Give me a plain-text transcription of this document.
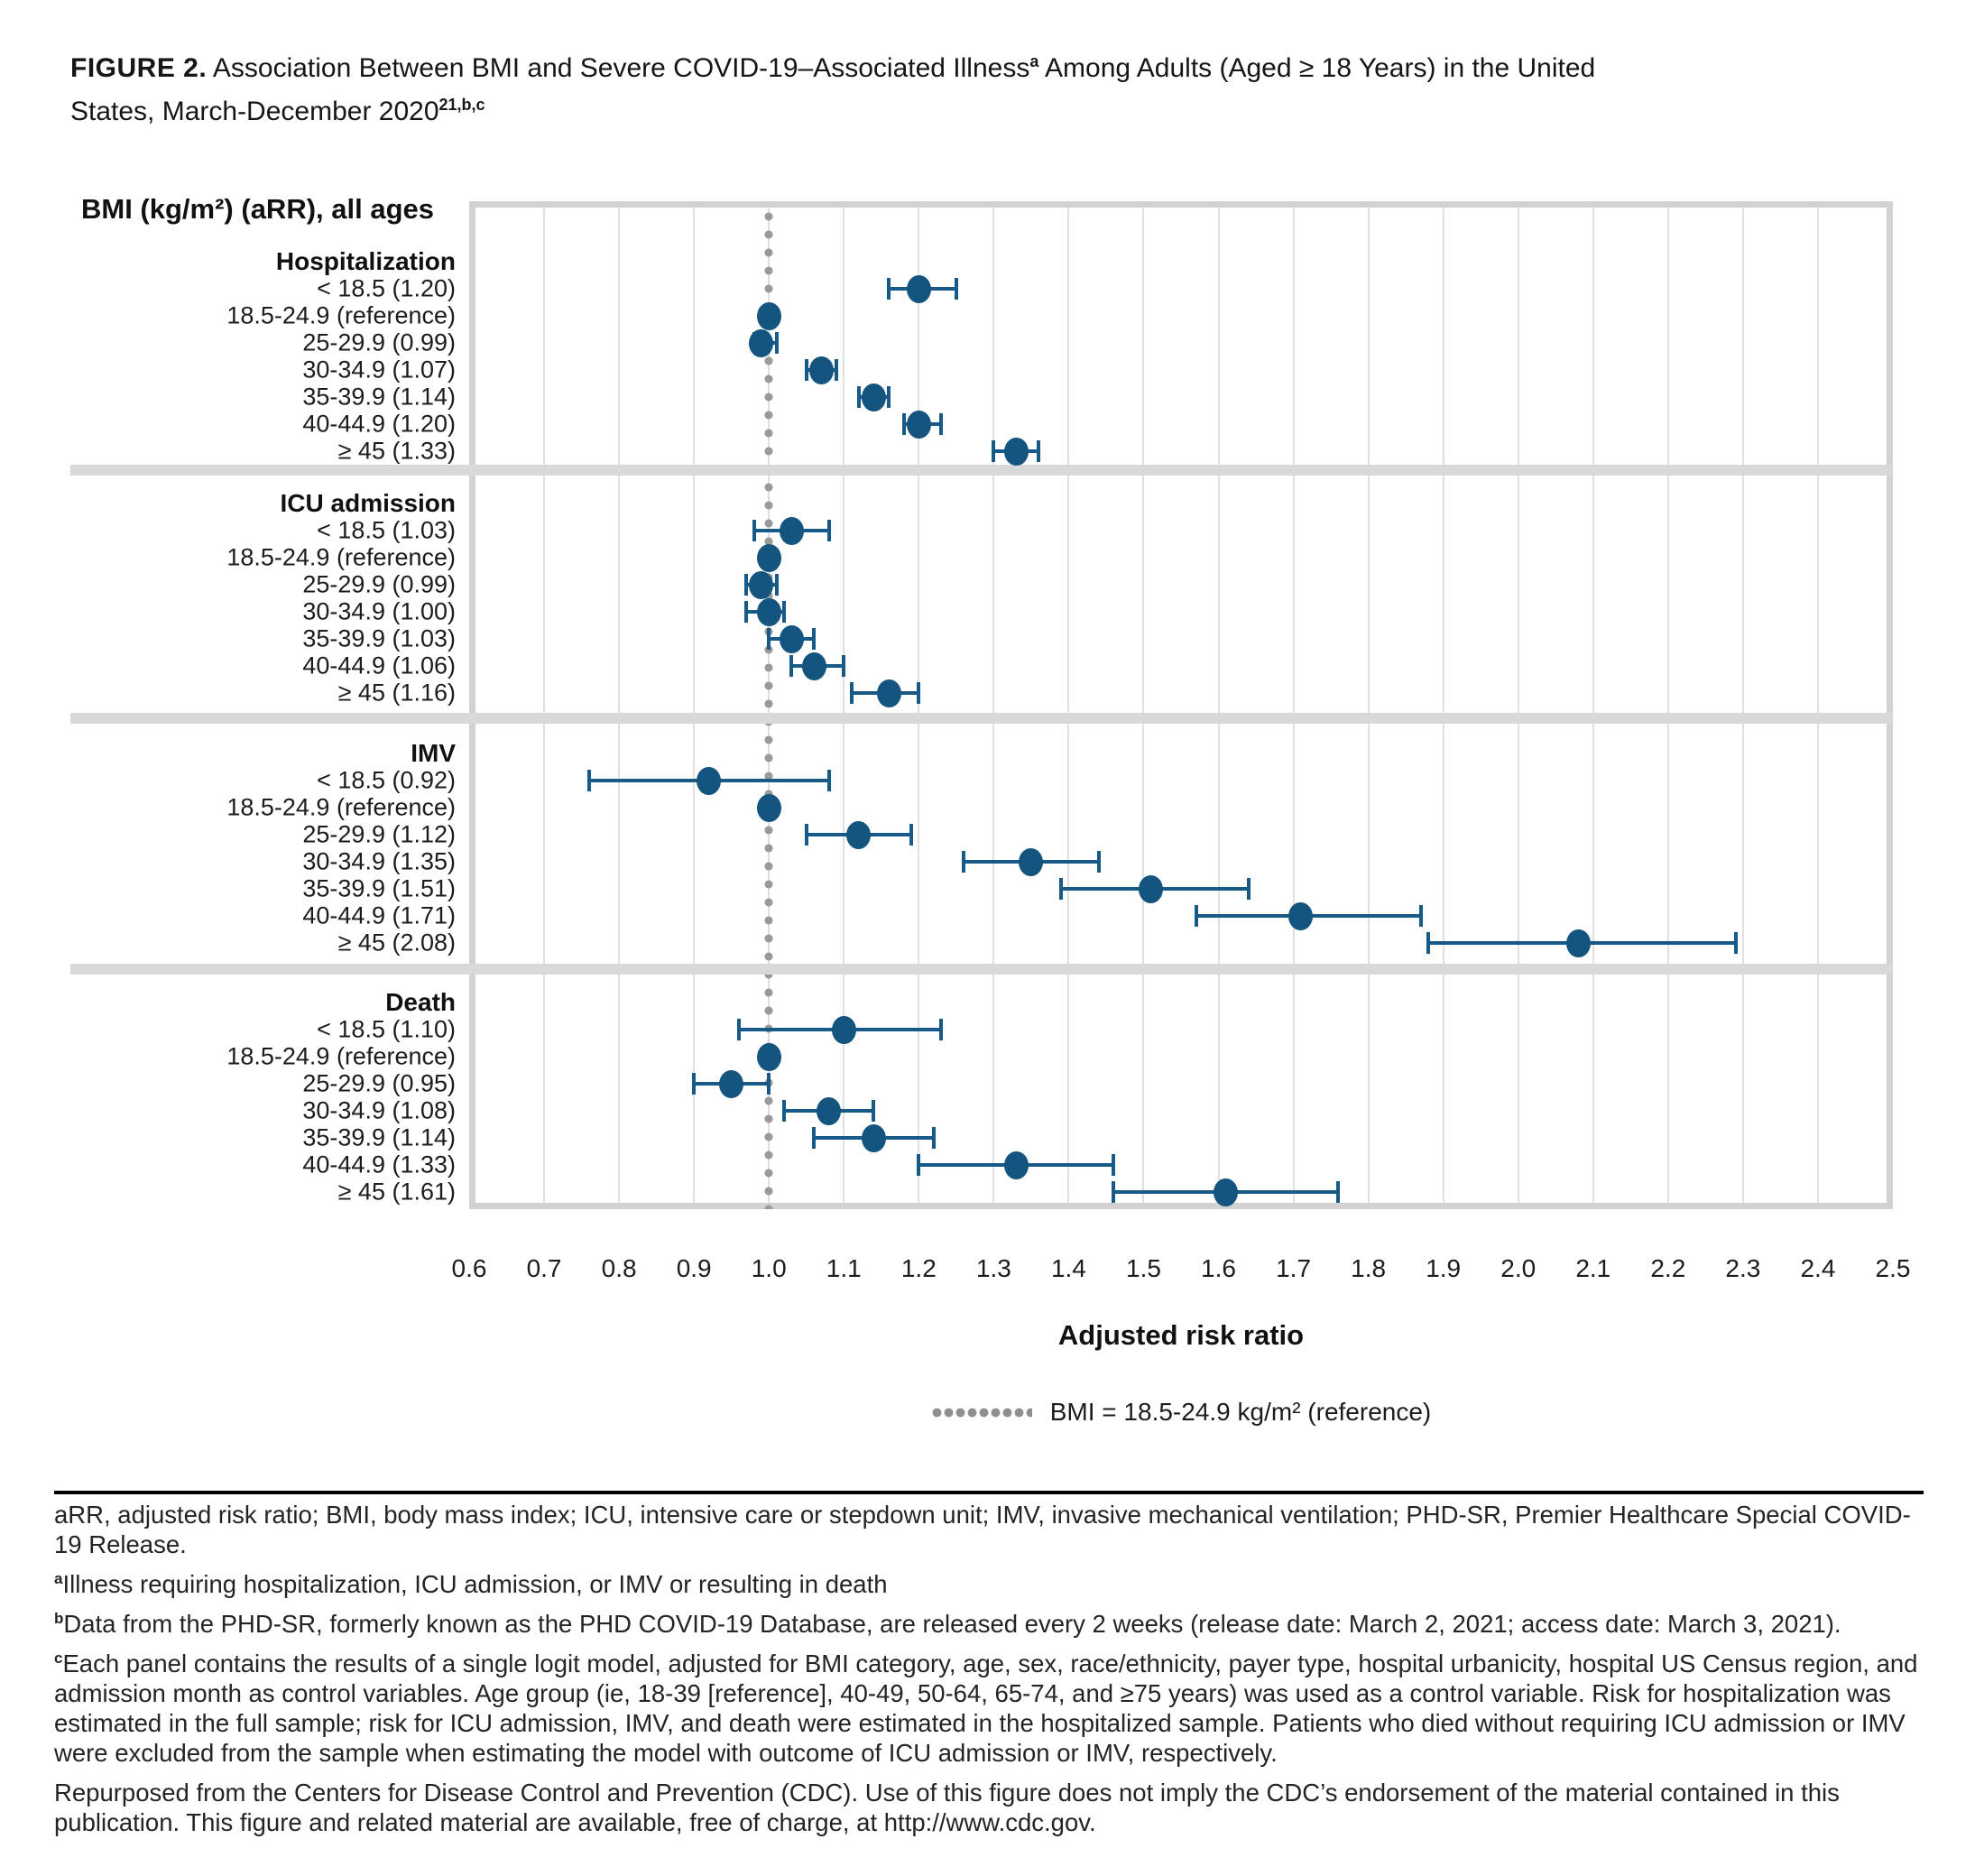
FIGURE 2. Association Between BMI and Severe COVID-19–Associated Illness$^a$ Among Adults (Aged ≥ 18 Years) in the United States, March-December 2020$^{21,b,c}$
BMI (kg/m²) (aRR), all ages
Hospitalization
< 18.5 (1.20)
18.5-24.9 (reference)
25-29.9 (0.99)
30-34.9 (1.07)
35-39.9 (1.14)
40-44.9 (1.20)
≥ 45 (1.33)
ICU admission
< 18.5 (1.03)
18.5-24.9 (reference)
25-29.9 (0.99)
30-34.9 (1.00)
35-39.9 (1.03)
40-44.9 (1.06)
≥ 45 (1.16)
IMV
< 18.5 (0.92)
18.5-24.9 (reference)
25-29.9 (1.12)
30-34.9 (1.35)
35-39.9 (1.51)
40-44.9 (1.71)
≥ 45 (2.08)
Death
< 18.5 (1.10)
18.5-24.9 (reference)
25-29.9 (0.95)
30-34.9 (1.08)
35-39.9 (1.14)
40-44.9 (1.33)
≥ 45 (1.61)
0.6	0.7	0.8	0.9	1.0	1.1	1.2	1.3	1.4	1.5	1.6	1.7	1.8	1.9	2.0	2.1	2.2	2.3	2.4	2.5
Adjusted risk ratio
BMI = 18.5-24.9 kg/m² (reference)

aRR, adjusted risk ratio; BMI, body mass index; ICU, intensive care or stepdown unit; IMV, invasive mechanical ventilation; PHD-SR, Premier Healthcare Special COVID-19 Release.

$^a$Illness requiring hospitalization, ICU admission, or IMV or resulting in death

$^b$Data from the PHD-SR, formerly known as the PHD COVID-19 Database, are released every 2 weeks (release date: March 2, 2021; access date: March 3, 2021).

$^c$Each panel contains the results of a single logit model, adjusted for BMI category, age, sex, race/ethnicity, payer type, hospital urbanicity, hospital US Census region, and admission month as control variables. Age group (ie, 18-39 [reference], 40-49, 50-64, 65-74, and ≥75 years) was used as a control variable. Risk for hospitalization was estimated in the full sample; risk for ICU admission, IMV, and death were estimated in the hospitalized sample. Patients who died without requiring ICU admission or IMV were excluded from the sample when estimating the model with outcome of ICU admission or IMV, respectively.

Repurposed from the Centers for Disease Control and Prevention (CDC). Use of this figure does not imply the CDC’s endorsement of the material contained in this publication. This figure and related material are available, free of charge, at http://www.cdc.gov.
